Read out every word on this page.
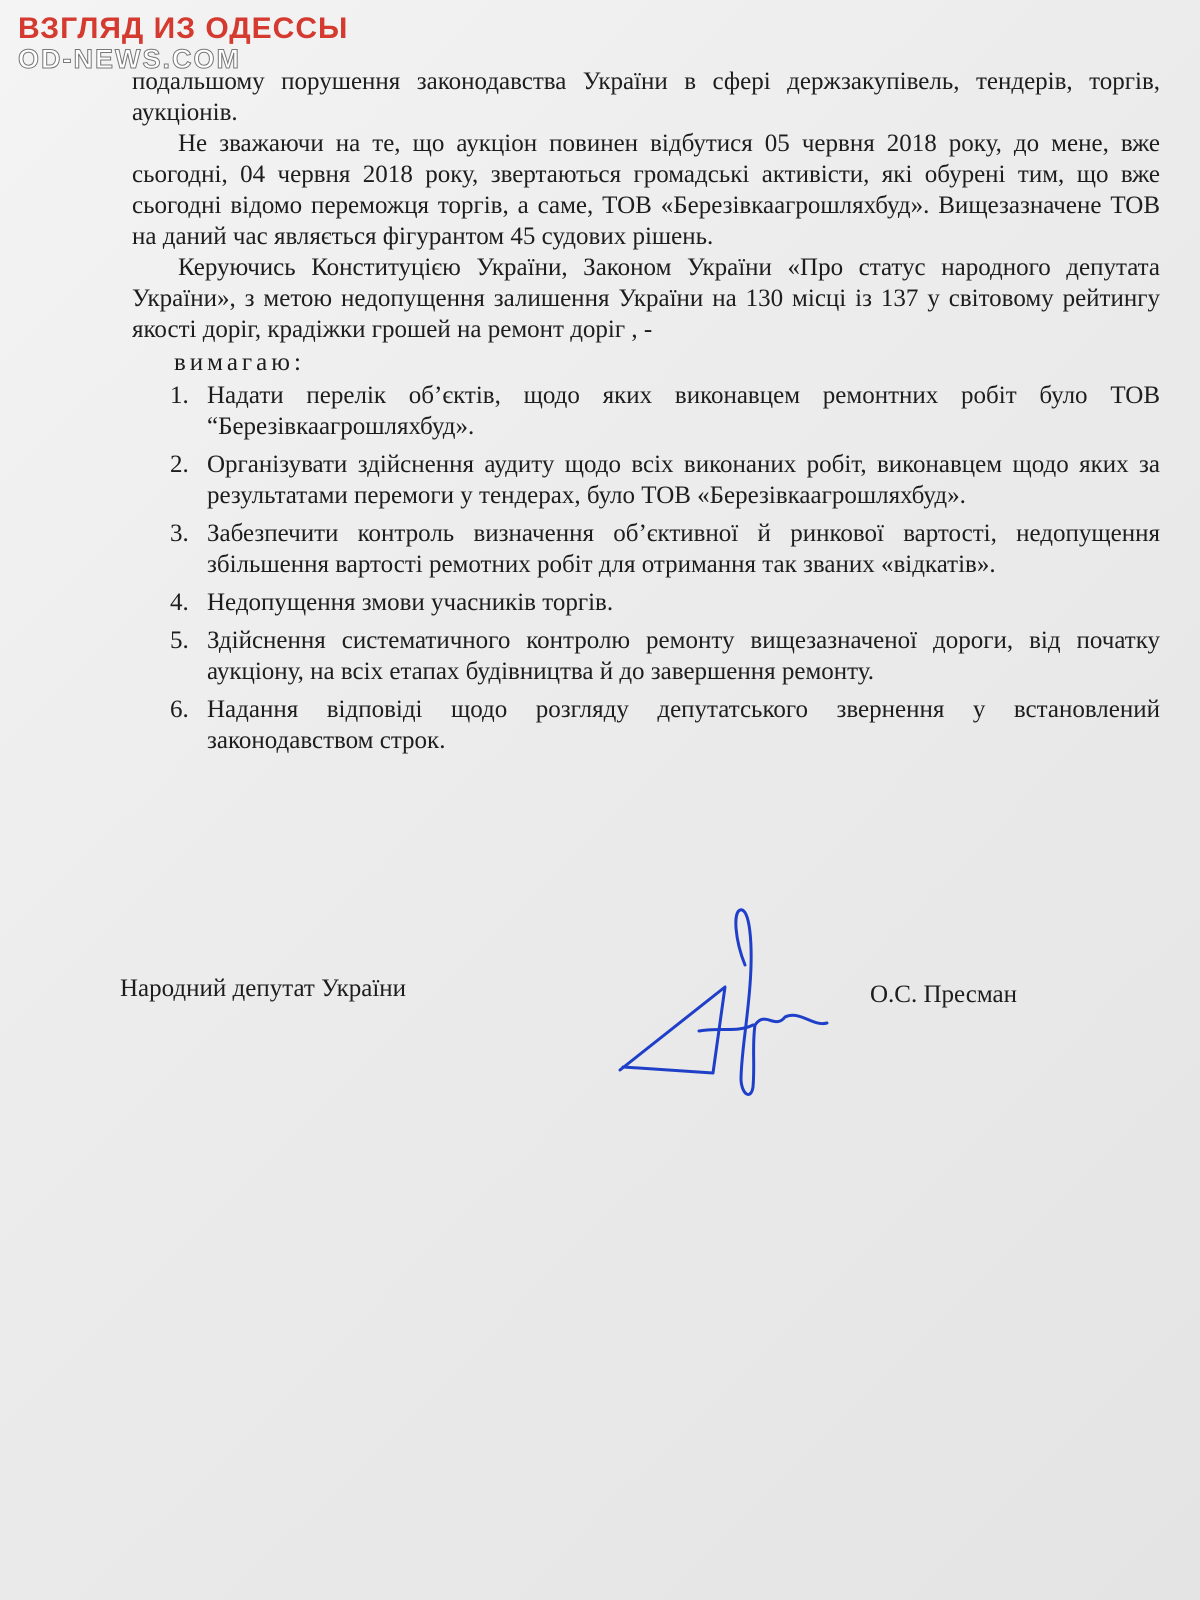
ВЗГЛЯД ИЗ ОДЕССЫ
OD-NEWS.COM

подальшому порушення законодавства України в сфері держзакупівель, тендерів, торгів, аукціонів.

Не зважаючи на те, що аукціон повинен відбутися 05 червня 2018 року, до мене, вже сьогодні, 04 червня 2018 року, звертаються громадські активісти, які обурені тим, що вже сьогодні відомо переможця торгів, а саме, ТОВ «Березівкаагрошляхбуд». Вищезазначене ТОВ на даний час являється фігурантом 45 судових рішень.

Керуючись Конституцією України, Законом України «Про статус народного депутата України», з метою недопущення залишення України на 130 місці із 137 у світовому рейтингу якості доріг, крадіжки грошей на ремонт доріг , -

вимагаю:

1. Надати перелік об’єктів, щодо яких виконавцем ремонтних робіт було ТОВ “Березівкаагрошляхбуд».
2. Організувати здійснення аудиту щодо всіх виконаних робіт, виконавцем щодо яких за результатами перемоги у тендерах, було ТОВ «Березівкаагрошляхбуд».
3. Забезпечити контроль визначення об’єктивної й ринкової вартості, недопущення збільшення вартості ремотних робіт для отримання так званих «відкатів».
4. Недопущення змови учасників торгів.
5. Здійснення систематичного контролю ремонту вищезазначеної дороги, від початку аукціону, на всіх етапах будівництва й до завершення ремонту.
6. Надання відповіді щодо розгляду депутатського звернення у встановлений законодавством строк.
Народний депутат України	О.С. Пресман
